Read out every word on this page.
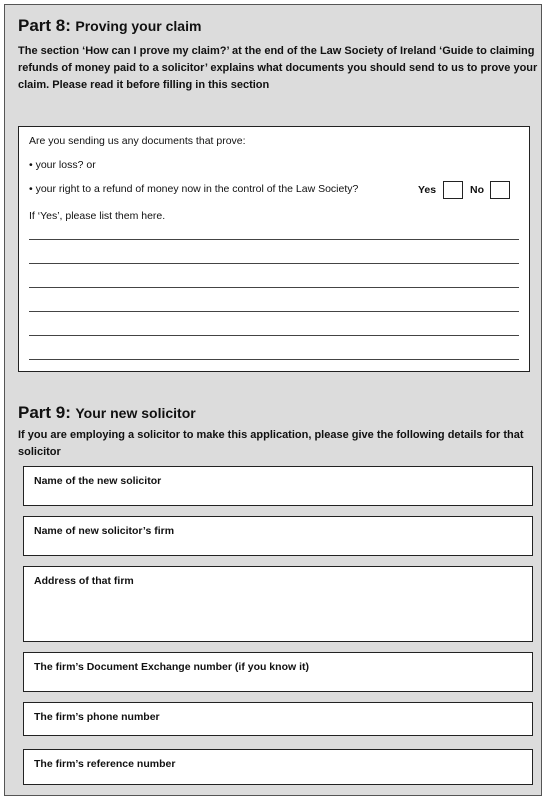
Part 8: Proving your claim
The section ‘How can I prove my claim?’ at the end of the Law Society of Ireland ‘Guide to claiming refunds of money paid to a solicitor’ explains what documents you should send to us to prove your claim. Please read it before filling in this section
Are you sending us any documents that prove:
• your loss? or
• your right to a refund of money now in the control of the Law Society?	Yes	No
If ‘Yes’, please list them here.
Part 9: Your new solicitor
If you are employing a solicitor to make this application, please give the following details for that solicitor
Name of the new solicitor
Name of new solicitor’s firm
Address of that firm
The firm’s Document Exchange number (if you know it)
The firm’s phone number
The firm’s reference number
